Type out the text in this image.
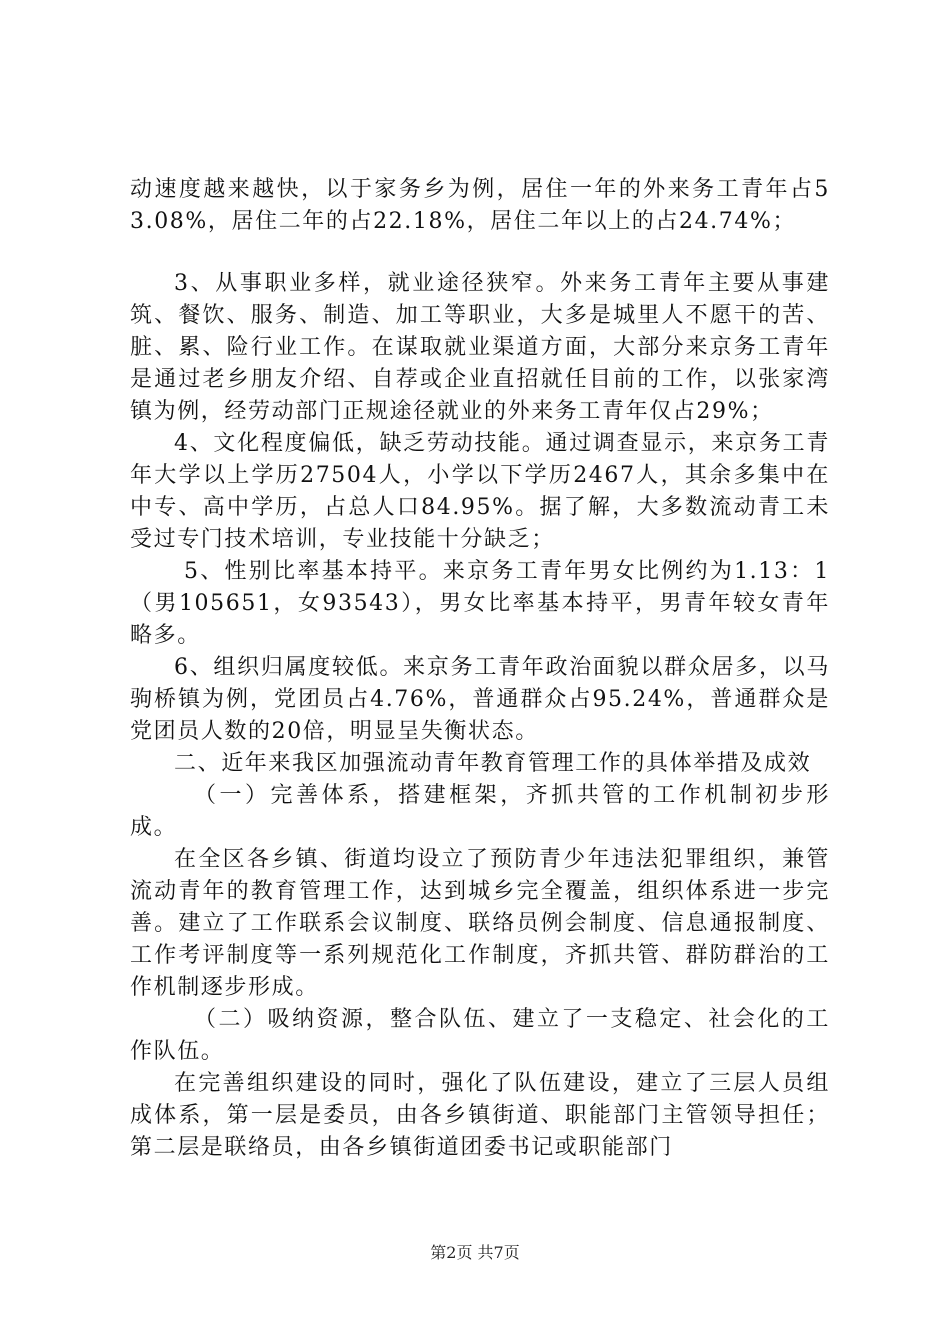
动速度越来越快，以于家务乡为例，居住一年的外来务工青年占53.08%，居住二年的占22.18%，居住二年以上的占24.74%；

3、从事职业多样，就业途径狭窄。外来务工青年主要从事建筑、餐饮、服务、制造、加工等职业，大多是城里人不愿干的苦、脏、累、险行业工作。在谋取就业渠道方面，大部分来京务工青年是通过老乡朋友介绍、自荐或企业直招就任目前的工作，以张家湾镇为例，经劳动部门正规途径就业的外来务工青年仅占29%；

4、文化程度偏低，缺乏劳动技能。通过调查显示，来京务工青年大学以上学历27504人，小学以下学历2467人，其余多集中在中专、高中学历，占总人口84.95%。据了解，大多数流动青工未受过专门技术培训，专业技能十分缺乏；

5、性别比率基本持平。来京务工青年男女比例约为1.13：1（男105651，女93543），男女比率基本持平，男青年较女青年略多。

6、组织归属度较低。来京务工青年政治面貌以群众居多，以马驹桥镇为例，党团员占4.76%，普通群众占95.24%，普通群众是党团员人数的20倍，明显呈失衡状态。

二、近年来我区加强流动青年教育管理工作的具体举措及成效

（一）完善体系，搭建框架，齐抓共管的工作机制初步形成。

在全区各乡镇、街道均设立了预防青少年违法犯罪组织，兼管流动青年的教育管理工作，达到城乡完全覆盖，组织体系进一步完善。建立了工作联系会议制度、联络员例会制度、信息通报制度、工作考评制度等一系列规范化工作制度，齐抓共管、群防群治的工作机制逐步形成。

（二）吸纳资源，整合队伍、建立了一支稳定、社会化的工作队伍。

在完善组织建设的同时，强化了队伍建设，建立了三层人员组成体系，第一层是委员，由各乡镇街道、职能部门主管领导担任；第二层是联络员，由各乡镇街道团委书记或职能部门

第2页 共7页
